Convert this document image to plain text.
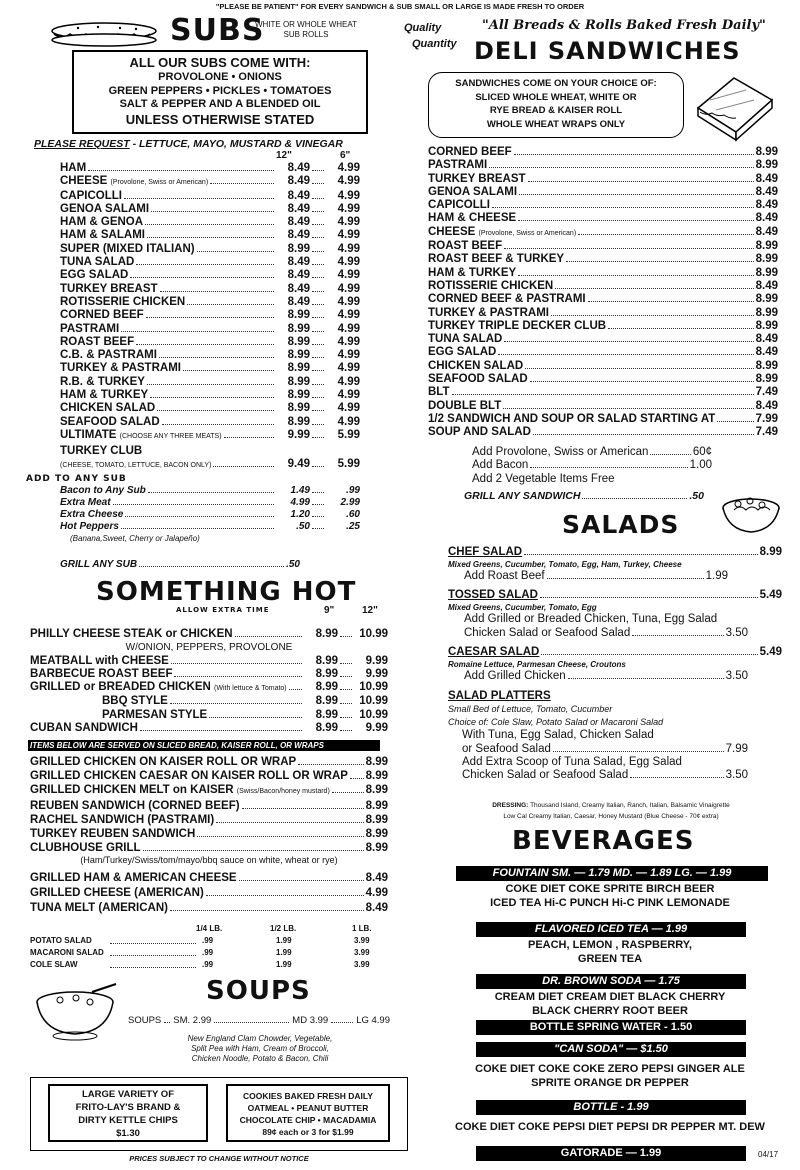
"PLEASE BE PATIENT" FOR EVERY SANDWICH & SUB SMALL OR LARGE IS MADE FRESH TO ORDER
SUBS
WHITE OR WHOLE WHEAT SUB ROLLS
ALL OUR SUBS COME WITH:
PROVOLONE • ONIONS
GREEN PEPPERS • PICKLES • TOMATOES
SALT & PEPPER AND A BLENDED OIL
UNLESS OTHERWISE STATED
PLEASE REQUEST - LETTUCE, MAYO, MUSTARD & VINEGAR
12"	6"
HAM	8.49	4.99
CHEESE (Provolone, Swiss or American)	8.49	4.99
CAPICOLLI	8.49	4.99
GENOA SALAMI	8.49	4.99
HAM & GENOA	8.49	4.99
HAM & SALAMI	8.49	4.99
SUPER (MIXED ITALIAN)	8.99	4.99
TUNA SALAD	8.49	4.99
EGG SALAD	8.49	4.99
TURKEY BREAST	8.49	4.99
ROTISSERIE CHICKEN	8.49	4.99
CORNED BEEF	8.99	4.99
PASTRAMI	8.99	4.99
ROAST BEEF	8.99	4.99
C.B. & PASTRAMI	8.99	4.99
TURKEY & PASTRAMI	8.99	4.99
R.B. & TURKEY	8.99	4.99
HAM & TURKEY	8.99	4.99
CHICKEN SALAD	8.99	4.99
SEAFOOD SALAD	8.99	4.99
ULTIMATE (CHOOSE ANY THREE MEATS)	9.99	5.99
TURKEY CLUB
(CHEESE, TOMATO, LETTUCE, BACON ONLY)	9.49	5.99
ADD TO ANY SUB
Bacon to Any Sub	1.49	.99
Extra Meat	4.99	2.99
Extra Cheese	1.20	.60
Hot Peppers	.50	.25
(Banana,Sweet, Cherry or Jalapeño)
GRILL ANY SUB	.50
SOMETHING HOT
ALLOW EXTRA TIME	9"	12"
PHILLY CHEESE STEAK or CHICKEN	8.99	10.99
W/ONION, PEPPERS, PROVOLONE
MEATBALL with CHEESE	8.99	9.99
BARBECUE ROAST BEEF	8.99	9.99
GRILLED or BREADED CHICKEN (With lettuce & Tomato)	8.99	10.99
BBQ STYLE	8.99	10.99
PARMESAN STYLE	8.99	10.99
CUBAN SANDWICH	8.99	9.99
ITEMS BELOW ARE SERVED ON SLICED BREAD, KAISER ROLL, OR WRAPS
GRILLED CHICKEN ON KAISER ROLL OR WRAP	8.99
GRILLED CHICKEN CAESAR ON KAISER ROLL OR WRAP 8.99
GRILLED CHICKEN MELT on KAISER (Swiss/Bacon/honey mustard)	8.99
REUBEN SANDWICH (CORNED BEEF)	8.99
RACHEL SANDWICH (PASTRAMI)	8.99
TURKEY REUBEN SANDWICH	8.99
CLUBHOUSE GRILL	8.99
(Ham/Turkey/Swiss/tom/mayo/bbq sauce on white, wheat or rye)
GRILLED HAM & AMERICAN CHEESE	8.49
GRILLED CHEESE (AMERICAN)	4.99
TUNA MELT (AMERICAN)	8.49
1/4 LB.	1/2 LB.	1 LB.
POTATO SALAD	.99	1.99	3.99
MACARONI SALAD	.99	1.99	3.99
COLE SLAW	.99	1.99	3.99
SOUPS
SOUPS SM. 2.99	MD 3.99	LG 4.99
New England Clam Chowder, Vegetable,
Split Pea with Ham, Cream of Broccoli,
Chicken Noodle, Potato & Bacon, Chili
LARGE VARIETY OF
FRITO-LAY'S BRAND &
DIRTY KETTLE CHIPS
$1.30
COOKIES BAKED FRESH DAILY
OATMEAL • PEANUT BUTTER
CHOCOLATE CHIP • MACADAMIA
89¢ each or 3 for $1.99
PRICES SUBJECT TO CHANGE WITHOUT NOTICE
Quality
Quantity
"All Breads & Rolls Baked Fresh Daily"
DELI SANDWICHES
SANDWICHES COME ON YOUR CHOICE OF:
SLICED WHOLE WHEAT, WHITE OR
RYE BREAD & KAISER ROLL
WHOLE WHEAT WRAPS ONLY
CORNED BEEF	8.99
PASTRAMI	8.99
TURKEY BREAST	8.49
GENOA SALAMI	8.49
CAPICOLLI	8.49
HAM & CHEESE	8.49
CHEESE (Provolone, Swiss or American)	8.49
ROAST BEEF	8.99
ROAST BEEF & TURKEY	8.99
HAM & TURKEY	8.99
ROTISSERIE CHICKEN	8.49
CORNED BEEF & PASTRAMI	8.99
TURKEY & PASTRAMI	8.99
TURKEY TRIPLE DECKER CLUB	8.99
TUNA SALAD	8.49
EGG SALAD	8.49
CHICKEN SALAD	8.99
SEAFOOD SALAD	8.99
BLT	7.49
DOUBLE BLT	8.49
1/2 SANDWICH AND SOUP OR SALAD STARTING AT	7.99
SOUP AND SALAD	7.49
Add Provolone, Swiss or American	60¢
Add Bacon	1.00
Add 2 Vegetable Items Free
GRILL ANY SANDWICH	.50
SALADS
CHEF SALAD	8.99
Mixed Greens, Cucumber, Tomato, Egg, Ham, Turkey, Cheese
Add Roast Beef	1.99
TOSSED SALAD	5.49
Mixed Greens, Cucumber, Tomato, Egg
Add Grilled or Breaded Chicken, Tuna, Egg Salad
Chicken Salad or Seafood Salad	3.50
CAESAR SALAD	5.49
Romaine Lettuce, Parmesan Cheese, Croutons
Add Grilled Chicken	3.50
SALAD PLATTERS
Small Bed of Lettuce, Tomato, Cucumber
Choice of: Cole Slaw, Potato Salad or Macaroni Salad
With Tuna, Egg Salad, Chicken Salad
or Seafood Salad	7.99
Add Extra Scoop of Tuna Salad, Egg Salad
Chicken Salad or Seafood Salad	3.50
DRESSING: Thousand Island, Creamy Italian, Ranch, Italian, Balsamic Vinaigrette
Low Cal Creamy Italian, Caesar, Honey Mustard (Blue Cheese - 70¢ extra)
BEVERAGES
FOUNTAIN SM. — 1.79 MD. — 1.89 LG. — 1.99
COKE DIET COKE SPRITE BIRCH BEER
ICED TEA Hi-C PUNCH Hi-C PINK LEMONADE
FLAVORED ICED TEA — 1.99
PEACH, LEMON , RASPBERRY,
GREEN TEA
DR. BROWN SODA — 1.75
CREAM DIET CREAM DIET BLACK CHERRY
BLACK CHERRY ROOT BEER
BOTTLE SPRING WATER - 1.50
"CAN SODA" — $1.50
COKE DIET COKE COKE ZERO PEPSI GINGER ALE
SPRITE ORANGE DR PEPPER
BOTTLE - 1.99
COKE DIET COKE PEPSI DIET PEPSI DR PEPPER MT. DEW
GATORADE — 1.99	04/17
